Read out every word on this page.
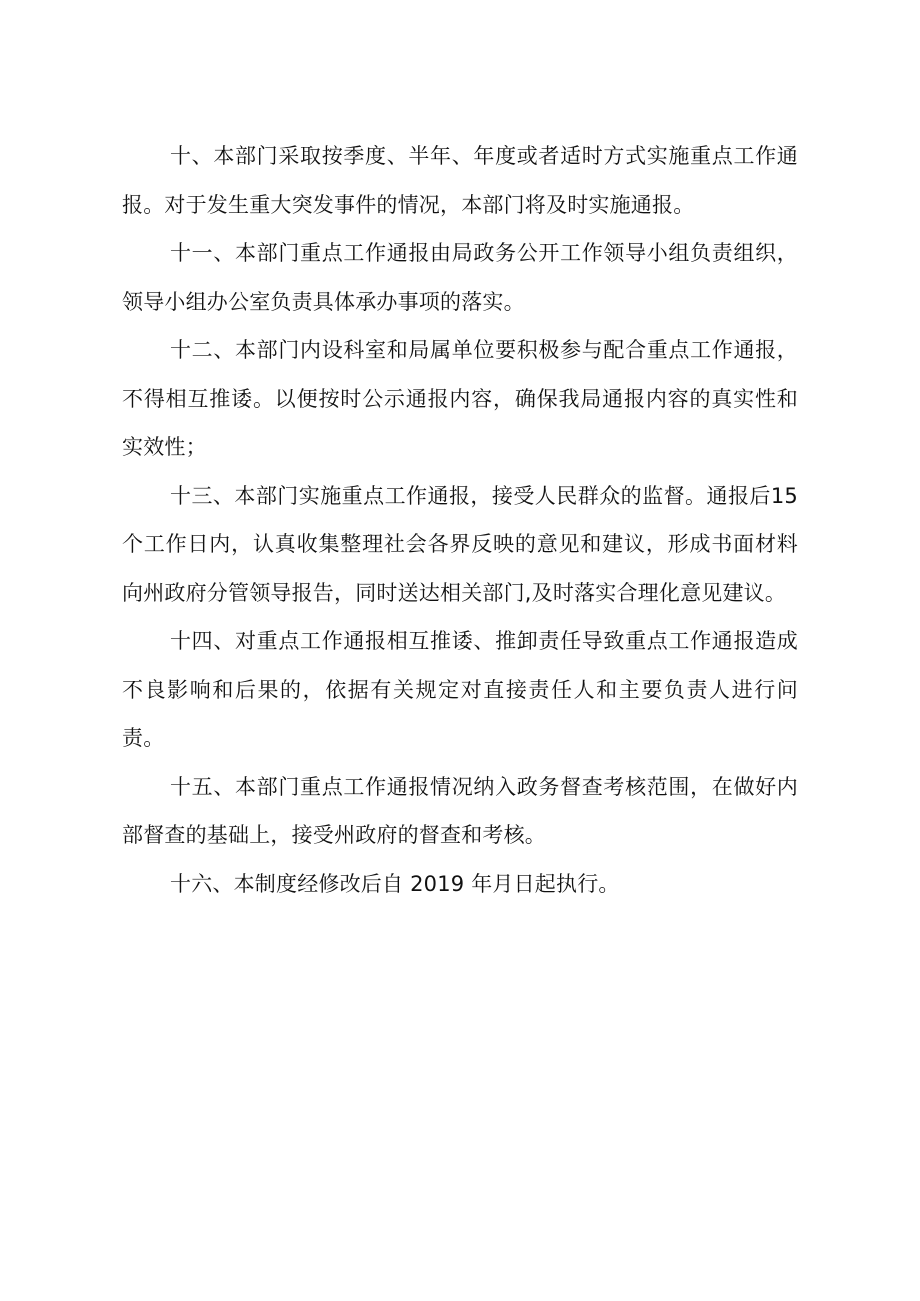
十、本部门采取按季度、半年、年度或者适时方式实施重点工作通报。对于发生重大突发事件的情况，本部门将及时实施通报。

十一、本部门重点工作通报由局政务公开工作领导小组负责组织，领导小组办公室负责具体承办事项的落实。

十二、本部门内设科室和局属单位要积极参与配合重点工作通报，不得相互推诿。以便按时公示通报内容，确保我局通报内容的真实性和实效性；

十三、本部门实施重点工作通报，接受人民群众的监督。通报后15 个工作日内，认真收集整理社会各界反映的意见和建议，形成书面材料向州政府分管领导报告，同时送达相关部门,及时落实合理化意见建议。

十四、对重点工作通报相互推诿、推卸责任导致重点工作通报造成不良影响和后果的，依据有关规定对直接责任人和主要负责人进行问责。

十五、本部门重点工作通报情况纳入政务督查考核范围，在做好内部督查的基础上，接受州政府的督查和考核。

十六、本制度经修改后自 2019 年月日起执行。
